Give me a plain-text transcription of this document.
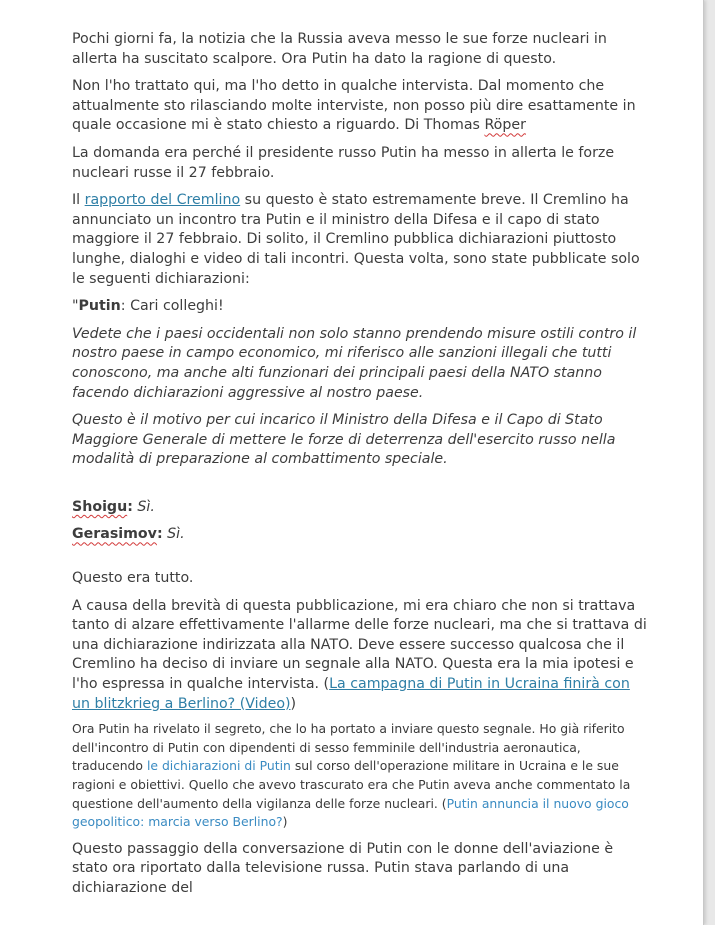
Pochi giorni fa, la notizia che la Russia aveva messo le sue forze nucleari in allerta ha suscitato scalpore. Ora Putin ha dato la ragione di questo.

Non l'ho trattato qui, ma l'ho detto in qualche intervista. Dal momento che attualmente sto rilasciando molte interviste, non posso più dire esattamente in quale occasione mi è stato chiesto a riguardo. Di Thomas Röper

La domanda era perché il presidente russo Putin ha messo in allerta le forze nucleari russe il 27 febbraio.

Il rapporto del Cremlino su questo è stato estremamente breve. Il Cremlino ha annunciato un incontro tra Putin e il ministro della Difesa e il capo di stato maggiore il 27 febbraio. Di solito, il Cremlino pubblica dichiarazioni piuttosto lunghe, dialoghi e video di tali incontri. Questa volta, sono state pubblicate solo le seguenti dichiarazioni:

"Putin: Cari colleghi!

Vedete che i paesi occidentali non solo stanno prendendo misure ostili contro il nostro paese in campo economico, mi riferisco alle sanzioni illegali che tutti conoscono, ma anche alti funzionari dei principali paesi della NATO stanno facendo dichiarazioni aggressive al nostro paese.

Questo è il motivo per cui incarico il Ministro della Difesa e il Capo di Stato Maggiore Generale di mettere le forze di deterrenza dell'esercito russo nella modalità di preparazione al combattimento speciale.

Shoigu: Sì.

Gerasimov: Sì.

Questo era tutto.

A causa della brevità di questa pubblicazione, mi era chiaro che non si trattava tanto di alzare effettivamente l'allarme delle forze nucleari, ma che si trattava di una dichiarazione indirizzata alla NATO. Deve essere successo qualcosa che il Cremlino ha deciso di inviare un segnale alla NATO. Questa era la mia ipotesi e l'ho espressa in qualche intervista. (La campagna di Putin in Ucraina finirà con un blitzkrieg a Berlino? (Video))

Ora Putin ha rivelato il segreto, che lo ha portato a inviare questo segnale. Ho già riferito dell'incontro di Putin con dipendenti di sesso femminile dell'industria aeronautica, traducendo le dichiarazioni di Putin sul corso dell'operazione militare in Ucraina e le sue ragioni e obiettivi. Quello che avevo trascurato era che Putin aveva anche commentato la questione dell'aumento della vigilanza delle forze nucleari. (Putin annuncia il nuovo gioco geopolitico: marcia verso Berlino?)

Questo passaggio della conversazione di Putin con le donne dell'aviazione è stato ora riportato dalla televisione russa. Putin stava parlando di una dichiarazione del
